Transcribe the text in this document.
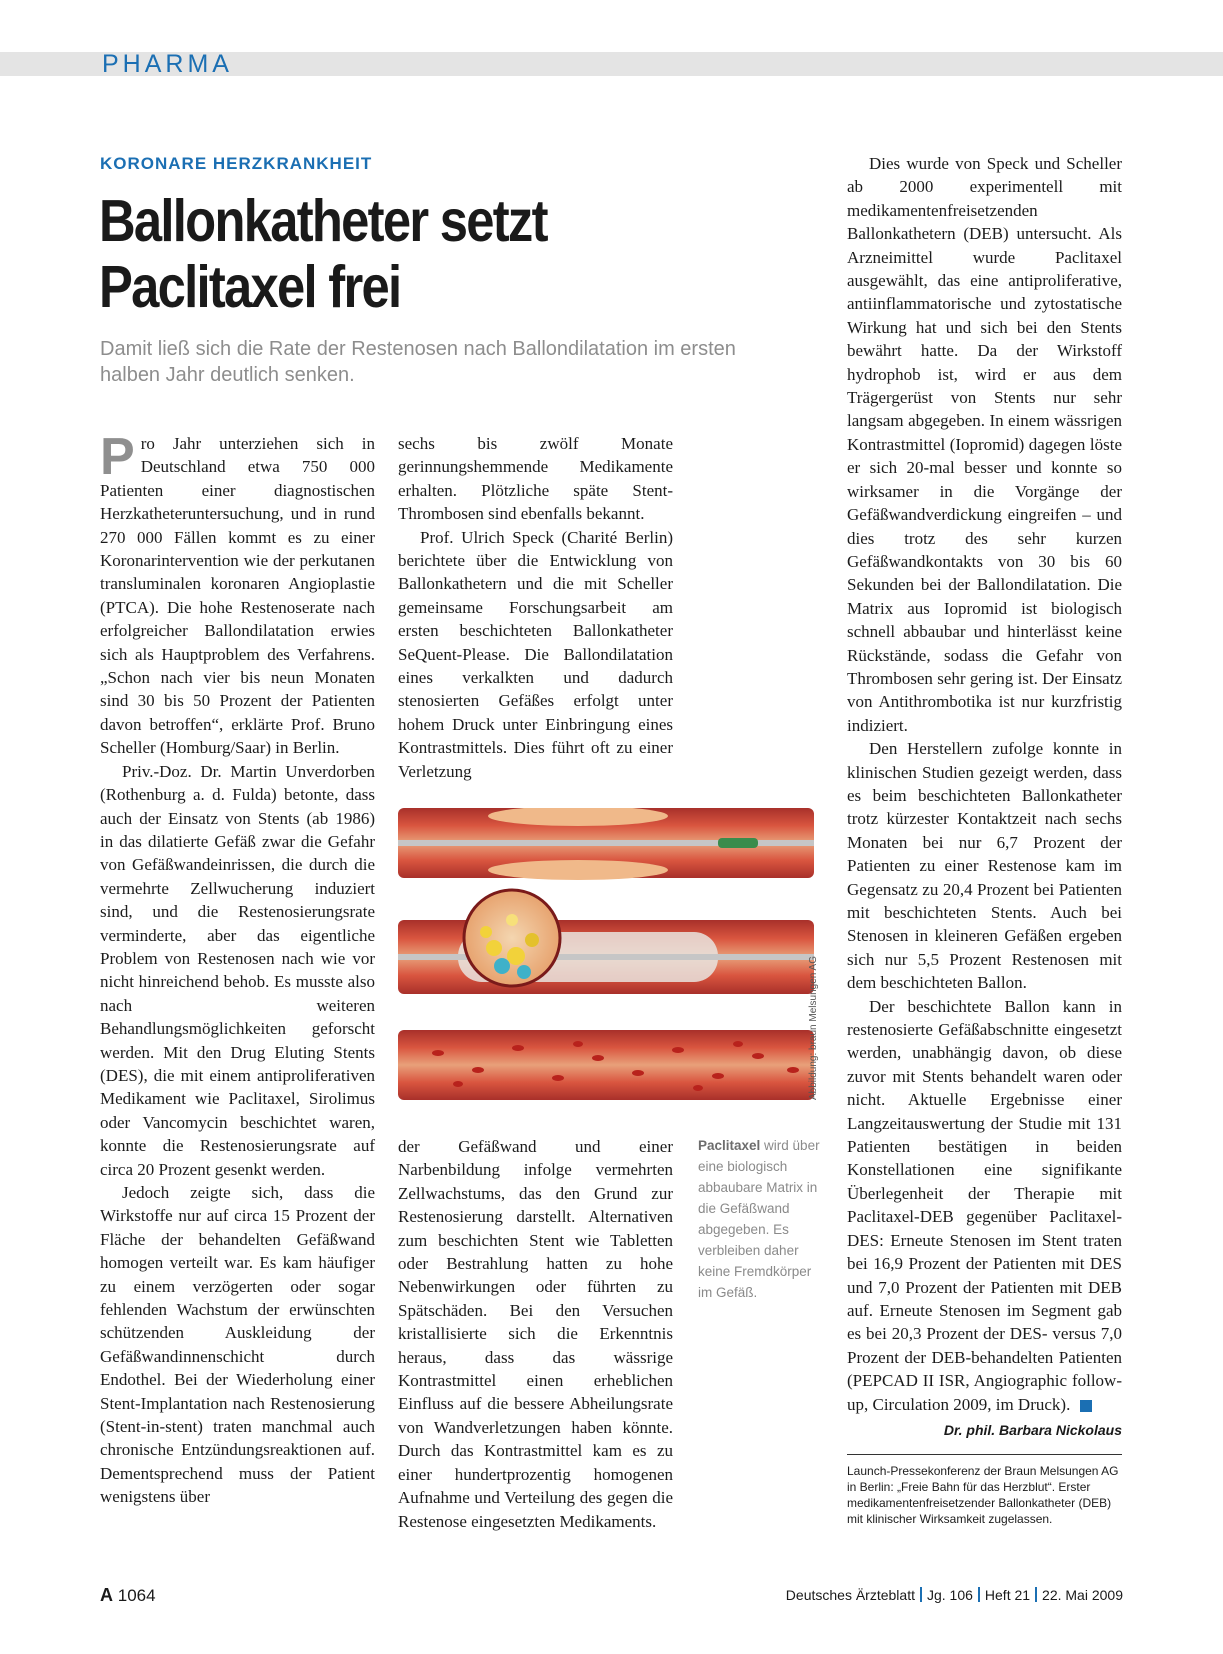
PHARMA
KORONARE HERZKRANKHEIT
Ballonkatheter setzt
Paclitaxel frei

Damit ließ sich die Rate der Restenosen nach Ballondilatation im ersten halben Jahr deutlich senken.

Pro Jahr unterziehen sich in Deutschland etwa 750 000 Patienten einer diagnostischen Herzkatheteruntersuchung, und in rund 270 000 Fällen kommt es zu einer Koronarintervention wie der perkutanen transluminalen koronaren Angioplastie (PTCA). Die hohe Restenoserate nach erfolgreicher Ballondilatation erwies sich als Hauptproblem des Verfahrens. „Schon nach vier bis neun Monaten sind 30 bis 50 Prozent der Patienten davon betroffen“, erklärte Prof. Bruno Scheller (Homburg/Saar) in Berlin.

Priv.-Doz. Dr. Martin Unverdorben (Rothenburg a. d. Fulda) betonte, dass auch der Einsatz von Stents (ab 1986) in das dilatierte Gefäß zwar die Gefahr von Gefäßwandeinrissen, die durch die vermehrte Zellwucherung induziert sind, und die Restenosierungsrate verminderte, aber das eigentliche Problem von Restenosen nach wie vor nicht hinreichend behob. Es musste also nach weiteren Behandlungsmöglichkeiten geforscht werden. Mit den Drug Eluting Stents (DES), die mit einem antiproliferativen Medikament wie Paclitaxel, Sirolimus oder Vancomycin beschichtet waren, konnte die Restenosierungsrate auf circa 20 Prozent gesenkt werden.

Jedoch zeigte sich, dass die Wirkstoffe nur auf circa 15 Prozent der Fläche der behandelten Gefäßwand homogen verteilt war. Es kam häufiger zu einem verzögerten oder sogar fehlenden Wachstum der erwünschten schützenden Auskleidung der Gefäßwandinnenschicht durch Endothel. Bei der Wiederholung einer Stent-Implantation nach Restenosierung (Stent-in-stent) traten manchmal auch chronische Entzündungsreaktionen auf. Dementsprechend muss der Patient wenigstens über

sechs bis zwölf Monate gerinnungshemmende Medikamente erhalten. Plötzliche späte Stent-Thrombosen sind ebenfalls bekannt.

Prof. Ulrich Speck (Charité Berlin) berichtete über die Entwicklung von Ballonkathetern und die mit Scheller gemeinsame Forschungsarbeit am ersten beschichteten Ballonkatheter SeQuent-Please. Die Ballondilatation eines verkalkten und dadurch stenosierten Gefäßes erfolgt unter hohem Druck unter Einbringung eines Kontrastmittels. Dies führt oft zu einer Verletzung

Abbildung: braun Melsungen AG

der Gefäßwand und einer Narbenbildung infolge vermehrten Zellwachstums, das den Grund zur Restenosierung darstellt. Alternativen zum beschichten Stent wie Tabletten oder Bestrahlung hatten zu hohe Nebenwirkungen oder führten zu Spätschäden. Bei den Versuchen kristallisierte sich die Erkenntnis heraus, dass das wässrige Kontrastmittel einen erheblichen Einfluss auf die bessere Abheilungsrate von Wandverletzungen haben könnte. Durch das Kontrastmittel kam es zu einer hundertprozentig homogenen Aufnahme und Verteilung des gegen die Restenose eingesetzten Medikaments.

Paclitaxel wird über eine biologisch abbaubare Matrix in die Gefäßwand abgegeben. Es verbleiben daher keine Fremdkörper im Gefäß.

Dies wurde von Speck und Scheller ab 2000 experimentell mit medikamentenfreisetzenden Ballonkathetern (DEB) untersucht. Als Arzneimittel wurde Paclitaxel ausgewählt, das eine antiproliferative, antiinflammatorische und zytostatische Wirkung hat und sich bei den Stents bewährt hatte. Da der Wirkstoff hydrophob ist, wird er aus dem Trägergerüst von Stents nur sehr langsam abgegeben. In einem wässrigen Kontrastmittel (Iopromid) dagegen löste er sich 20-mal besser und konnte so wirksamer in die Vorgänge der Gefäßwandverdickung eingreifen – und dies trotz des sehr kurzen Gefäßwandkontakts von 30 bis 60 Sekunden bei der Ballondilatation. Die Matrix aus Iopromid ist biologisch schnell abbaubar und hinterlässt keine Rückstände, sodass die Gefahr von Thrombosen sehr gering ist. Der Einsatz von Antithrombotika ist nur kurzfristig indiziert.

Den Herstellern zufolge konnte in klinischen Studien gezeigt werden, dass es beim beschichteten Ballonkatheter trotz kürzester Kontaktzeit nach sechs Monaten bei nur 6,7 Prozent der Patienten zu einer Restenose kam im Gegensatz zu 20,4 Prozent bei Patienten mit beschichteten Stents. Auch bei Stenosen in kleineren Gefäßen ergeben sich nur 5,5 Prozent Restenosen mit dem beschichteten Ballon.

Der beschichtete Ballon kann in restenosierte Gefäßabschnitte eingesetzt werden, unabhängig davon, ob diese zuvor mit Stents behandelt waren oder nicht. Aktuelle Ergebnisse einer Langzeitauswertung der Studie mit 131 Patienten bestätigen in beiden Konstellationen eine signifikante Überlegenheit der Therapie mit Paclitaxel-DEB gegenüber Paclitaxel-DES: Erneute Stenosen im Stent traten bei 16,9 Prozent der Patienten mit DES und 7,0 Prozent der Patienten mit DEB auf. Erneute Stenosen im Segment gab es bei 20,3 Prozent der DES- versus 7,0 Prozent der DEB-behandelten Patienten (PEPCAD II ISR, Angiographic follow-up, Circulation 2009, im Druck).

Dr. phil. Barbara Nickolaus
Launch-Pressekonferenz der Braun Melsungen AG in Berlin: „Freie Bahn für das Herzblut“. Erster medikamentenfreisetzender Ballonkatheter (DEB) mit klinischer Wirksamkeit zugelassen.
A 1064	Deutsches Ärzteblatt Jg. 106 Heft 21 22. Mai 2009
